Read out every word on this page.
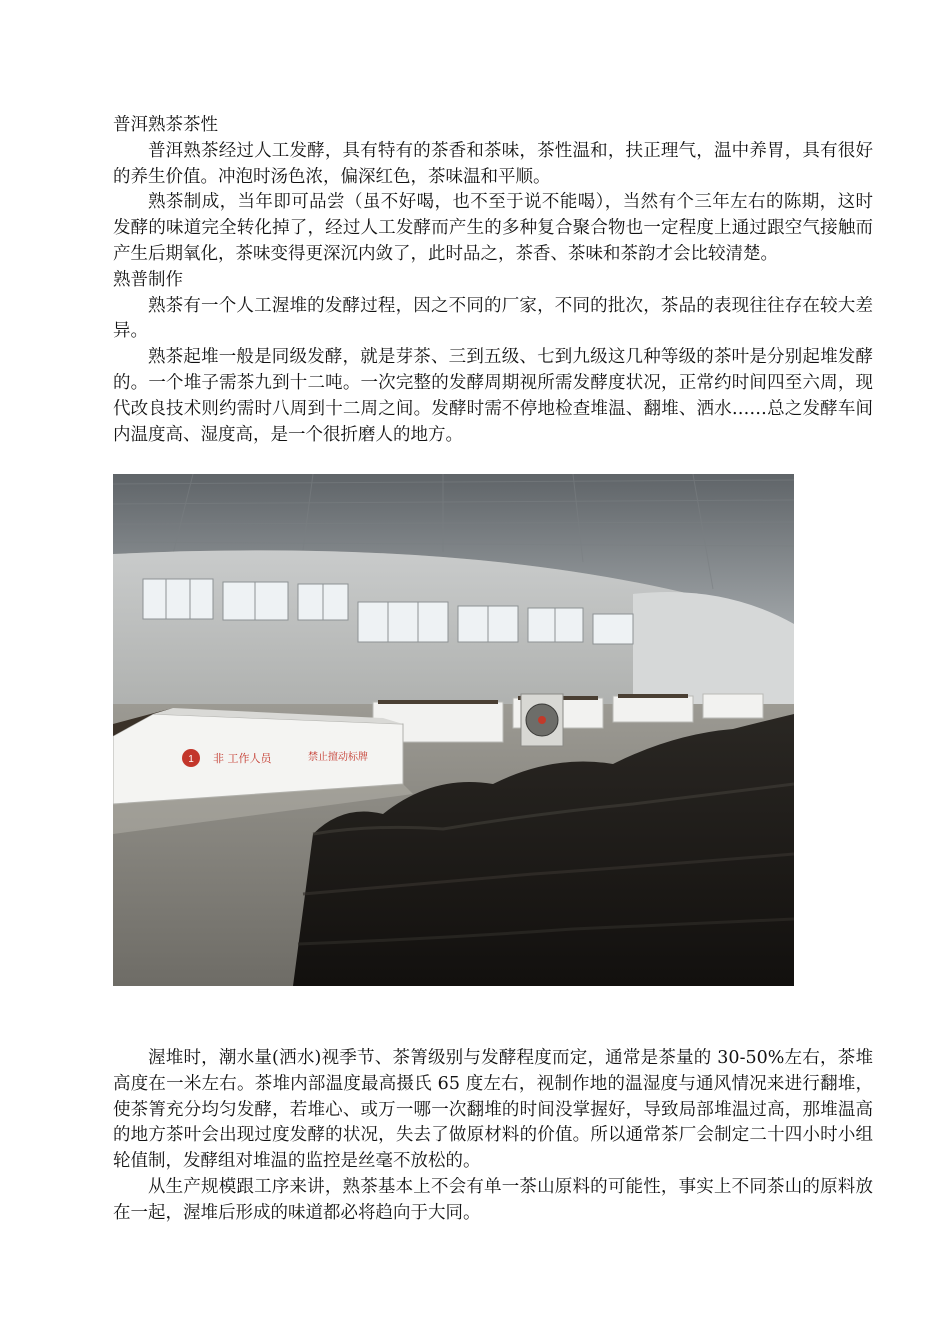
普洱熟茶茶性

普洱熟茶经过人工发酵，具有特有的茶香和茶味，茶性温和，扶正理气，温中养胃，具有很好的养生价值。冲泡时汤色浓，偏深红色，茶味温和平顺。

熟茶制成，当年即可品尝（虽不好喝，也不至于说不能喝），当然有个三年左右的陈期，这时发酵的味道完全转化掉了，经过人工发酵而产生的多种复合聚合物也一定程度上通过跟空气接触而产生后期氧化，茶味变得更深沉内敛了，此时品之，茶香、茶味和茶韵才会比较清楚。

熟普制作

熟茶有一个人工渥堆的发酵过程，因之不同的厂家，不同的批次，茶品的表现往往存在较大差异。

熟茶起堆一般是同级发酵，就是芽茶、三到五级、七到九级这几种等级的茶叶是分别起堆发酵的。一个堆子需茶九到十二吨。一次完整的发酵周期视所需发酵度状况，正常约时间四至六周，现代改良技术则约需时八周到十二周之间。发酵时需不停地检查堆温、翻堆、洒水……总之发酵车间内温度高、湿度高，是一个很折磨人的地方。

1 非 工作人员	禁止擅动标牌

渥堆时，潮水量(洒水)视季节、茶箐级别与发酵程度而定，通常是茶量的 30-50%左右，茶堆高度在一米左右。茶堆内部温度最高摄氏 65 度左右，视制作地的温湿度与通风情况来进行翻堆，使茶箐充分均匀发酵，若堆心、或万一哪一次翻堆的时间没掌握好，导致局部堆温过高，那堆温高的地方茶叶会出现过度发酵的状况，失去了做原材料的价值。所以通常茶厂会制定二十四小时小组轮值制，发酵组对堆温的监控是丝毫不放松的。

从生产规模跟工序来讲，熟茶基本上不会有单一茶山原料的可能性，事实上不同茶山的原料放在一起，渥堆后形成的味道都必将趋向于大同。
